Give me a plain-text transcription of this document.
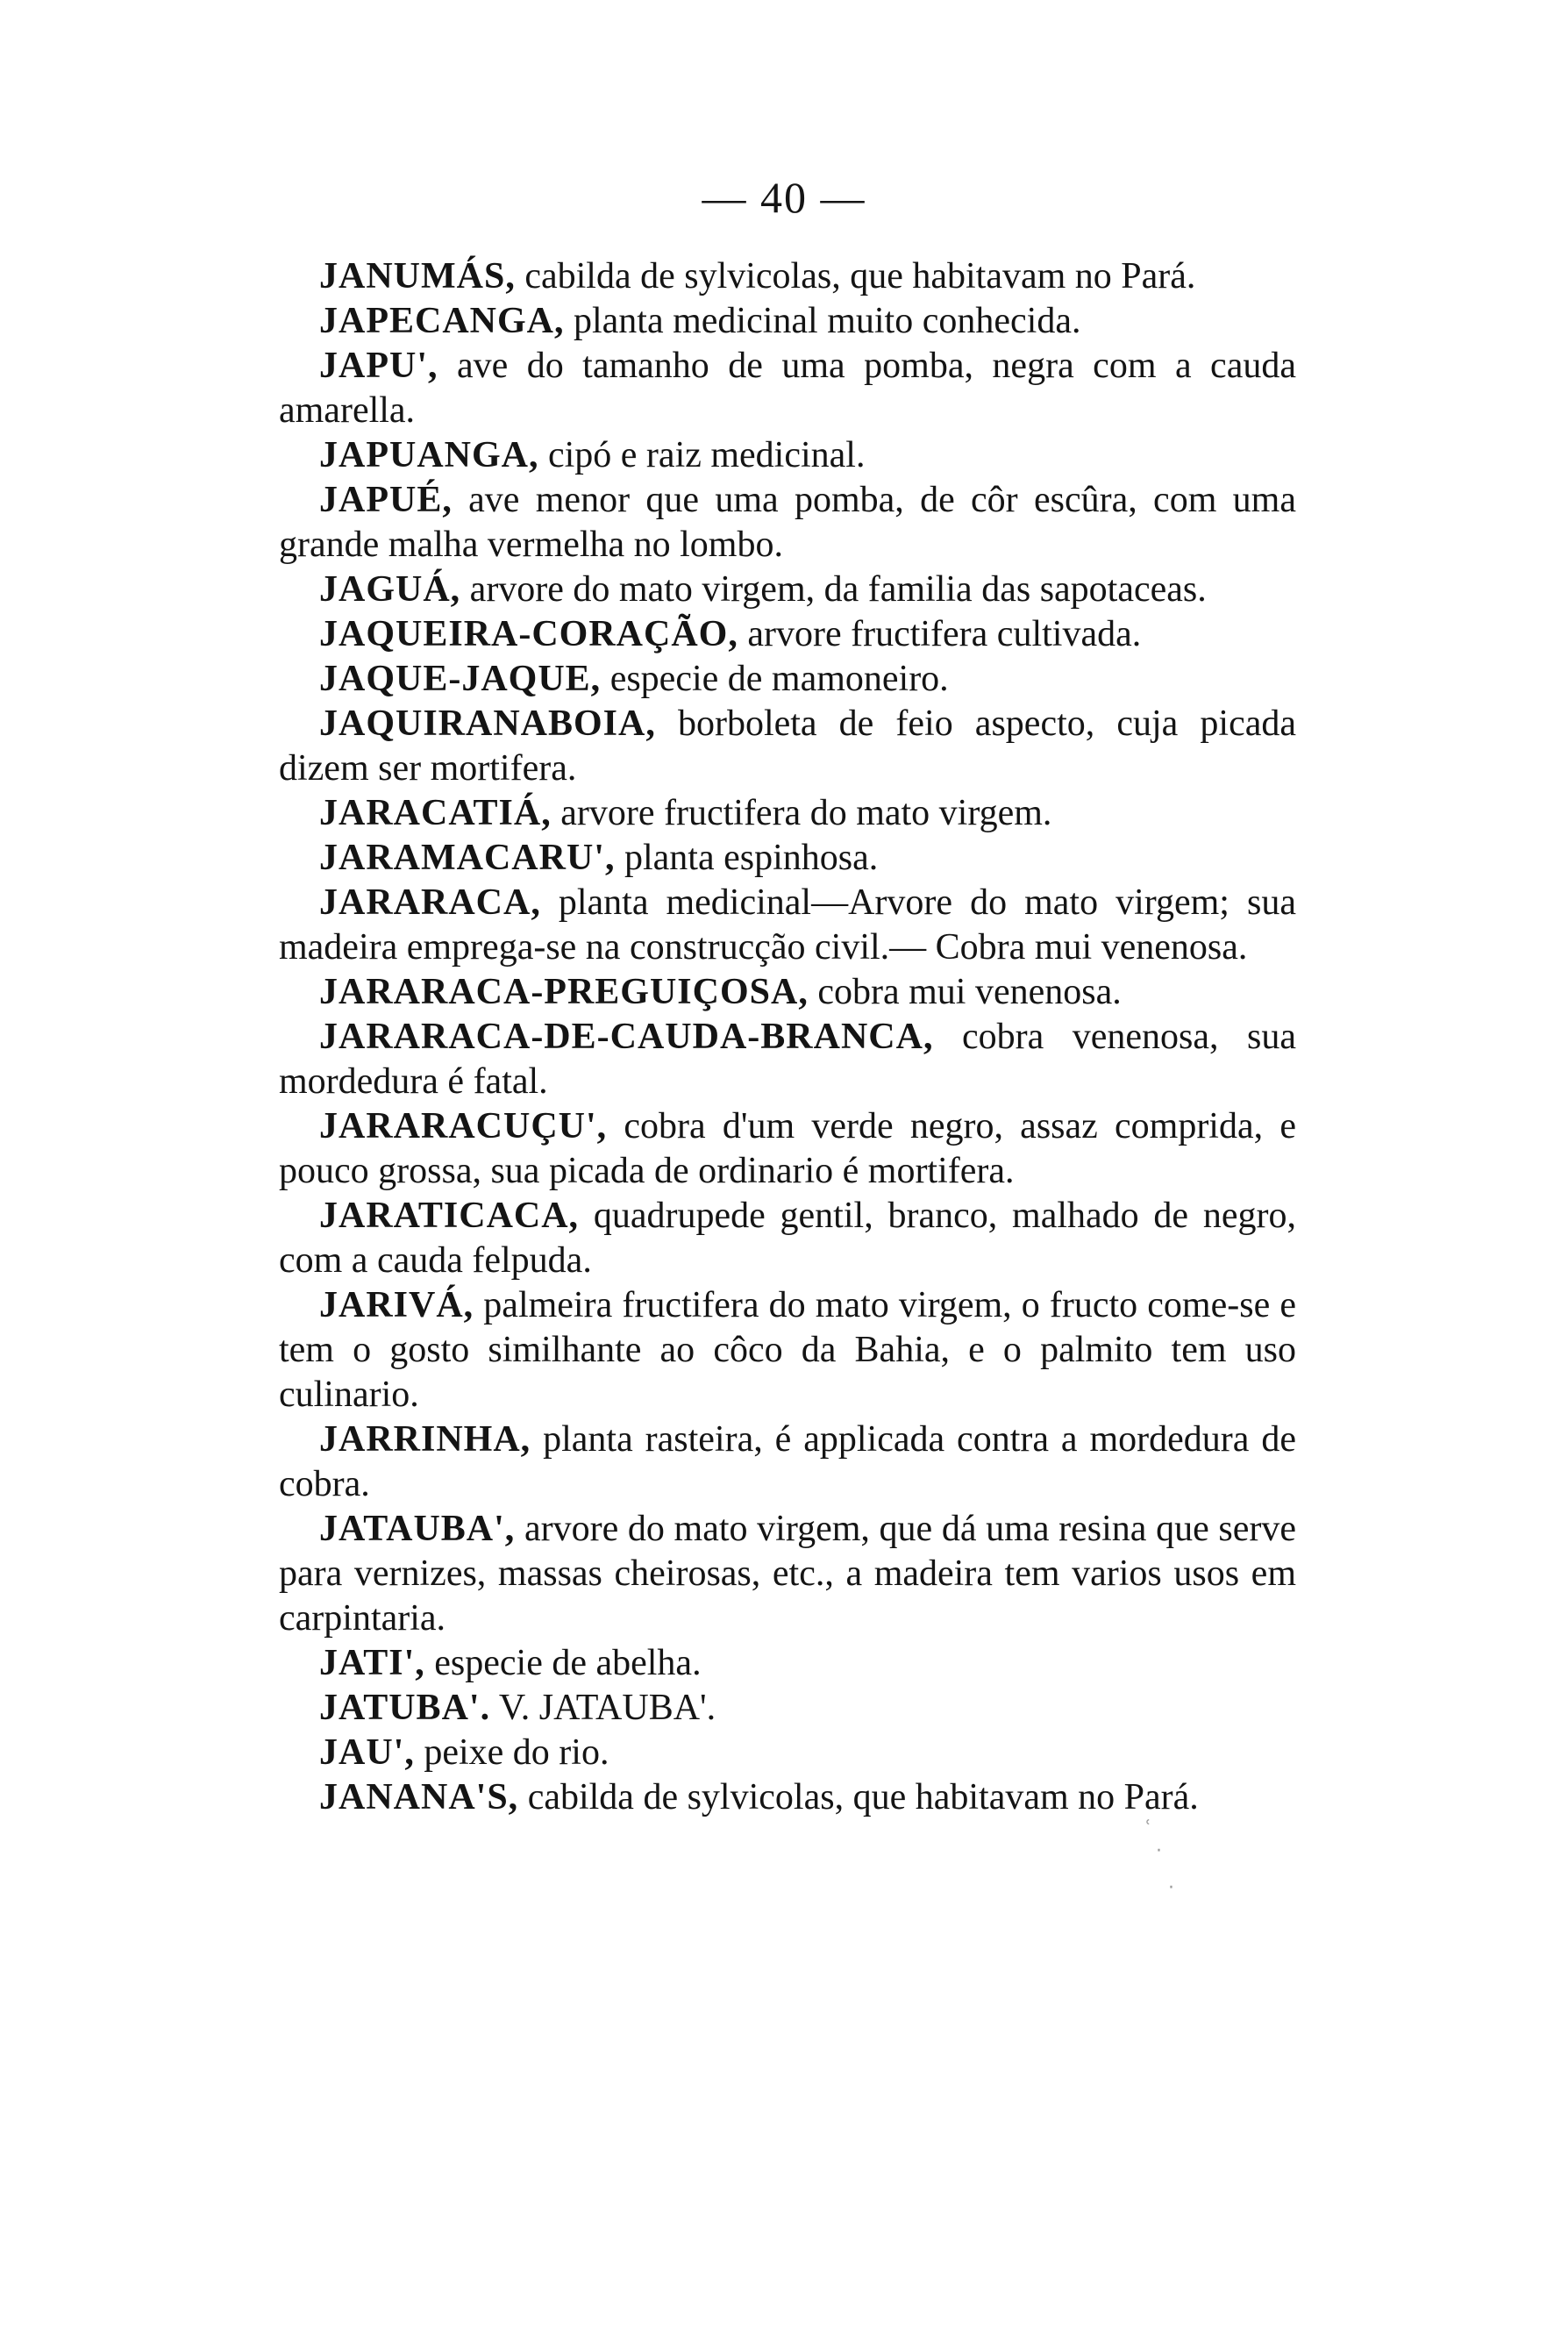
— 40 —

JANUMÁS, cabilda de sylvicolas, que habitavam no Pará.

JAPECANGA, planta medicinal muito conhecida.

JAPU', ave do tamanho de uma pomba, negra com a cauda amarella.

JAPUANGA, cipó e raiz medicinal.

JAPUÉ, ave menor que uma pomba, de côr escûra, com uma grande malha vermelha no lombo.

JAGUÁ, arvore do mato virgem, da familia das sapotaceas.

JAQUEIRA-CORAÇÃO, arvore fructifera cultivada.

JAQUE-JAQUE, especie de mamoneiro.

JAQUIRANABOIA, borboleta de feio aspecto, cuja picada dizem ser mortifera.

JARACATIÁ, arvore fructifera do mato virgem.

JARAMACARU', planta espinhosa.

JARARACA, planta medicinal—Arvore do mato virgem; sua madeira emprega-se na construcção civil.— Cobra mui venenosa.

JARARACA-PREGUIÇOSA, cobra mui venenosa.

JARARACA-DE-CAUDA-BRANCA, cobra venenosa, sua mordedura é fatal.

JARARACUÇU', cobra d'um verde negro, assaz comprida, e pouco grossa, sua picada de ordinario é mortifera.

JARATICACA, quadrupede gentil, branco, malhado de negro, com a cauda felpuda.

JARIVÁ, palmeira fructifera do mato virgem, o fructo come-se e tem o gosto similhante ao côco da Bahia, e o palmito tem uso culinario.

JARRINHA, planta rasteira, é applicada contra a mordedura de cobra.

JATAUBA', arvore do mato virgem, que dá uma resina que serve para vernizes, massas cheirosas, etc., a madeira tem varios usos em carpintaria.

JATI', especie de abelha.

JATUBA'. V. JATAUBA'.

JAU', peixe do rio.

JANANA'S, cabilda de sylvicolas, que habitavam no Pará.

ʿ
·
·
